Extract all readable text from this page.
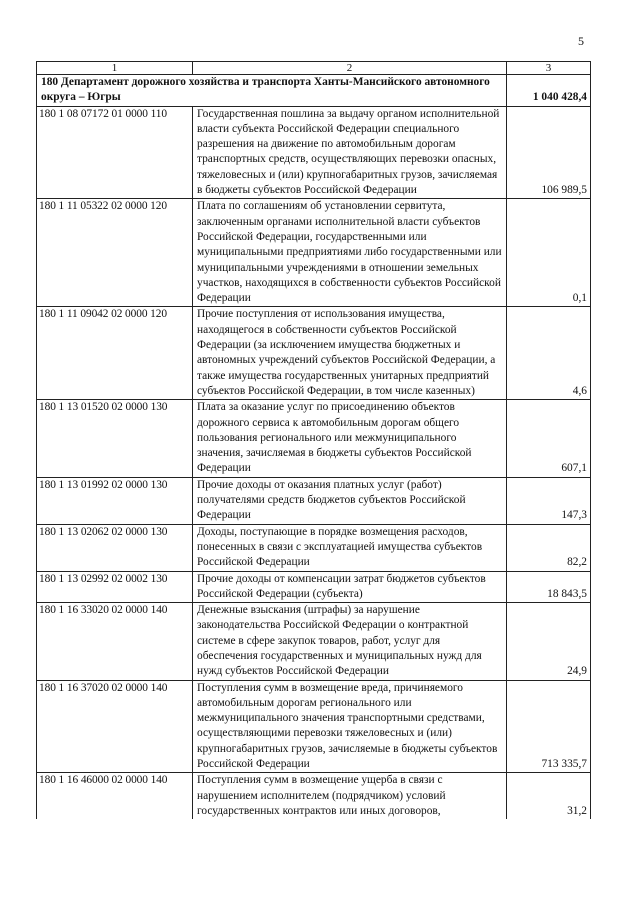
5
1	2	3
180 Департамент дорожного хозяйства и транспорта Ханты-Мансийского автономного округа – Югры		1 040 428,4
180 1 08 07172 01 0000 110	Государственная пошлина за выдачу органом исполнительной власти субъекта Российской Федерации специального разрешения на движение по автомобильным дорогам транспортных средств, осуществляющих перевозки опасных, тяжеловесных и (или) крупногабаритных грузов, зачисляемая в бюджеты субъектов Российской Федерации	106 989,5
180 1 11 05322 02 0000 120	Плата по соглашениям об установлении сервитута, заключенным органами исполнительной власти субъектов Российской Федерации, государственными или муниципальными предприятиями либо государственными или муниципальными учреждениями в отношении земельных участков, находящихся в собственности субъектов Российской Федерации	0,1
180 1 11 09042 02 0000 120	Прочие поступления от использования имущества, находящегося в собственности субъектов Российской Федерации (за исключением имущества бюджетных и автономных учреждений субъектов Российской Федерации, а также имущества государственных унитарных предприятий субъектов Российской Федерации, в том числе казенных)	4,6
180 1 13 01520 02 0000 130	Плата за оказание услуг по присоединению объектов дорожного сервиса к автомобильным дорогам общего пользования регионального или межмуниципального значения, зачисляемая в бюджеты субъектов Российской Федерации	607,1
180 1 13 01992 02 0000 130	Прочие доходы от оказания платных услуг (работ) получателями средств бюджетов субъектов Российской Федерации	147,3
180 1 13 02062 02 0000 130	Доходы, поступающие в порядке возмещения расходов, понесенных в связи с эксплуатацией имущества субъектов Российской Федерации	82,2
180 1 13 02992 02 0002 130	Прочие доходы от компенсации затрат бюджетов субъектов Российской Федерации (субъекта)	18 843,5
180 1 16 33020 02 0000 140	Денежные взыскания (штрафы) за нарушение законодательства Российской Федерации о контрактной системе в сфере закупок товаров, работ, услуг для обеспечения государственных и муниципальных нужд для нужд субъектов Российской Федерации	24,9
180 1 16 37020 02 0000 140	Поступления сумм в возмещение вреда, причиняемого автомобильным дорогам регионального или межмуниципального значения транспортными средствами, осуществляющими перевозки тяжеловесных и (или) крупногабаритных грузов, зачисляемые в бюджеты субъектов Российской Федерации	713 335,7
180 1 16 46000 02 0000 140	Поступления сумм в возмещение ущерба в связи с нарушением исполнителем (подрядчиком) условий государственных контрактов или иных договоров,	31,2
